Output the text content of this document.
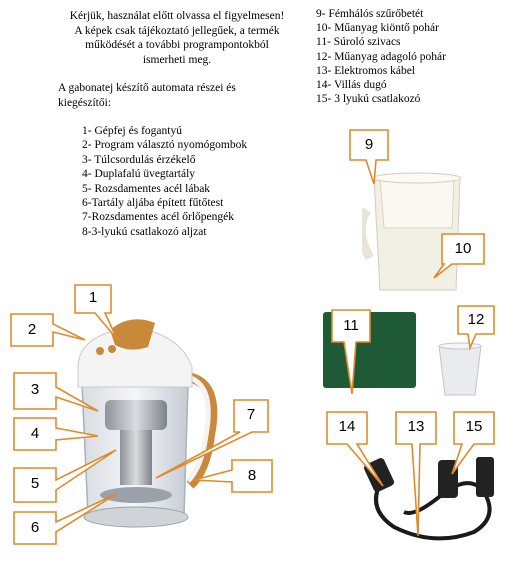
Kérjük, használat előtt olvassa el figyelmesen!
A képek csak tájékoztató jellegűek, a termék
működését a további programpontokból
ismerheti meg.
A gabonatej készítő automata részei és
kiegészítői:
1- Gépfej és fogantyú
2- Program választó nyomógombok
3- Túlcsordulás érzékelő
4- Duplafalú üvegtartály
5- Rozsdamentes acél lábak
6-Tartály aljába épített fűtőtest
7-Rozsdamentes acél őrlőpengék
8-3-lyukú csatlakozó aljzat
9- Fémhálós szűrőbetét
10- Műanyag kiöntő pohár
11- Súroló szivacs
12- Műanyag adagoló pohár
13- Elektromos kábel
14- Villás dugó
15- 3 lyukú csatlakozó
1
2
3
4
5
6
7
8
9
10
11	12
13
14	15
